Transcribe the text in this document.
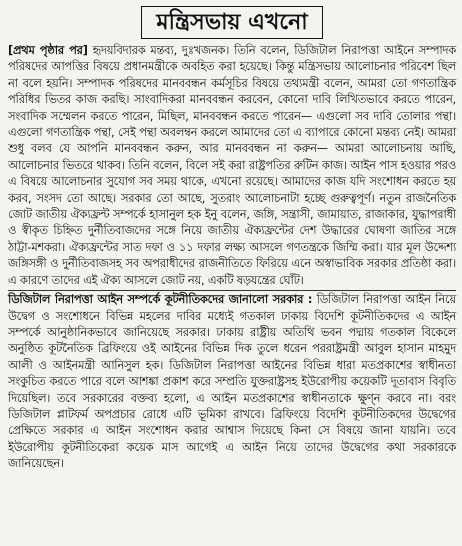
মন্ত্রিসভায় এখনো

[প্রথম পৃষ্ঠার পর] হৃদয়বিদারক মন্তব্য, দুঃখজনক। তিনি বলেন, ডিজিটাল নিরাপত্তা আইনে সম্পাদক পরিষদের আপত্তির বিষয়ে প্রধানমন্ত্রীকে অবহিত করা হয়েছে। কিন্তু মন্ত্রিসভায় আলোচনার পরিবেশ ছিল না বলে হয়নি। সম্পাদক পরিষদের মানববন্ধন কর্মসূচির বিষয়ে তথ্যমন্ত্রী বলেন, আমরা তো গণতান্ত্রিক পরিধির ভিতর কাজ করছি। সাংবাদিকরা মানববন্ধন করবেন, কোনো দাবি লিখিতভাবে করতে পারেন, সংবাদিক সম্মেলন করতে পারেন, মিছিল, মানববন্ধন করতে পারেন— এগুলো সব দাবি তোলার পন্থা। এগুলো গণতান্ত্রিক পন্থা, সেই পন্থা অবলম্বন করলে আমাদের তো এ ব্যাপারে কোনো মন্তব্য নেই। আমরা শুধু বলব যে আপনি মানববন্ধন করুন, আর মানববন্ধন না করুন— আমরা আলোচনায় আছি, আলোচনার ভিতরে থাকব। তিনি বলেন, বিলে সই করা রাষ্ট্রপতির রুটিন কাজ। আইন পাস হওয়ার পরও এ বিষয়ে আলোচনার সুযোগ সব সময় থাকে, এখনো রয়েছে। আমাদের কাজ যদি সংশোধন করতে হয় করব, সংসদ তো আছে। সরকার তো আছে, সুতরাং আলোচনাটা হচ্ছে গুরুত্বপূর্ণ। নতুন রাজনৈতিক জোট জাতীয় ঐক্যফ্রন্ট সম্পর্কে হাসানুল হক ইনু বলেন, জঙ্গি, সন্ত্রাসী, জামায়াত, রাজাকার, যুদ্ধাপরাধী ও স্বীকৃত চিহ্নিত দুর্নীতিবাজদের সঙ্গে নিয়ে জাতীয় ঐক্যফ্রন্টের দেশ উদ্ধারের ঘোষণা জাতির সঙ্গে ঠাট্টা-মশকরা। ঐক্যফ্রন্টের সাত দফা ও ১১ দফার লক্ষ্য আসলে গণতন্ত্রকে জিম্মি করা। যার মূল উদ্দেশ্য জঙ্গিসঙ্গী ও দুর্নীতিবাজসহ সব অপরাধীদের রাজনীতিতে ফিরিয়ে এনে অস্বাভাবিক সরকার প্রতিষ্ঠা করা। এ কারণে তাদের এই ঐক্য আসলে জোট নয়, একটি ষড়যন্ত্রের ঘোঁট।

ডিজিটাল নিরাপত্তা আইন সম্পর্কে কূটনীতিকদের জানালো সরকার : ডিজিটাল নিরাপত্তা আইন নিয়ে উদ্বেগ ও সংশোধনে বিভিন্ন মহলের দাবির মধ্যেই গতকাল ঢাকায় বিদেশি কূটনীতিকদের এ আইন সম্পর্কে আনুষ্ঠানিকভাবে জানিয়েছে সরকার। ঢাকায় রাষ্ট্রীয় অতিথি ভবন পদ্মায় গতকাল বিকেলে অনুষ্ঠিত কূটনৈতিক ব্রিফিংয়ে ওই আইনের বিভিন্ন দিক তুলে ধরেন পররাষ্ট্রমন্ত্রী আবুল হাসান মাহমুদ আলী ও আইনমন্ত্রী আনিসুল হক। ডিজিটাল নিরাপত্তা আইনের বিভিন্ন ধারা মতপ্রকাশের স্বাধীনতা সংকুচিত করতে পারে বলে আশঙ্কা প্রকাশ করে সম্প্রতি যুক্তরাষ্ট্রসহ ইউরোপীয় কয়েকটি দূতাবাস বিবৃতি দিয়েছিল। তবে সরকারের বক্তব্য হলো, এ আইন মতপ্রকাশের স্বাধীনতাকে ক্ষুণ্ন করবে না। বরং ডিজিটাল প্লাটফর্ম অপপ্রচার রোধে এটি ভূমিকা রাখবে। ব্রিফিংয়ে বিদেশি কূটনীতিকদের উদ্বেগের প্রেক্ষিতে সরকার এ আইন সংশোধন করার আশ্বাস দিয়েছে কিনা সে বিষয়ে জানা যায়নি। তবে ইউরোপীয় কূটনীতিকেরা কয়েক মাস আগেই এ আইন নিয়ে তাদের উদ্বেগের কথা সরকারকে জানিয়েছেন।
